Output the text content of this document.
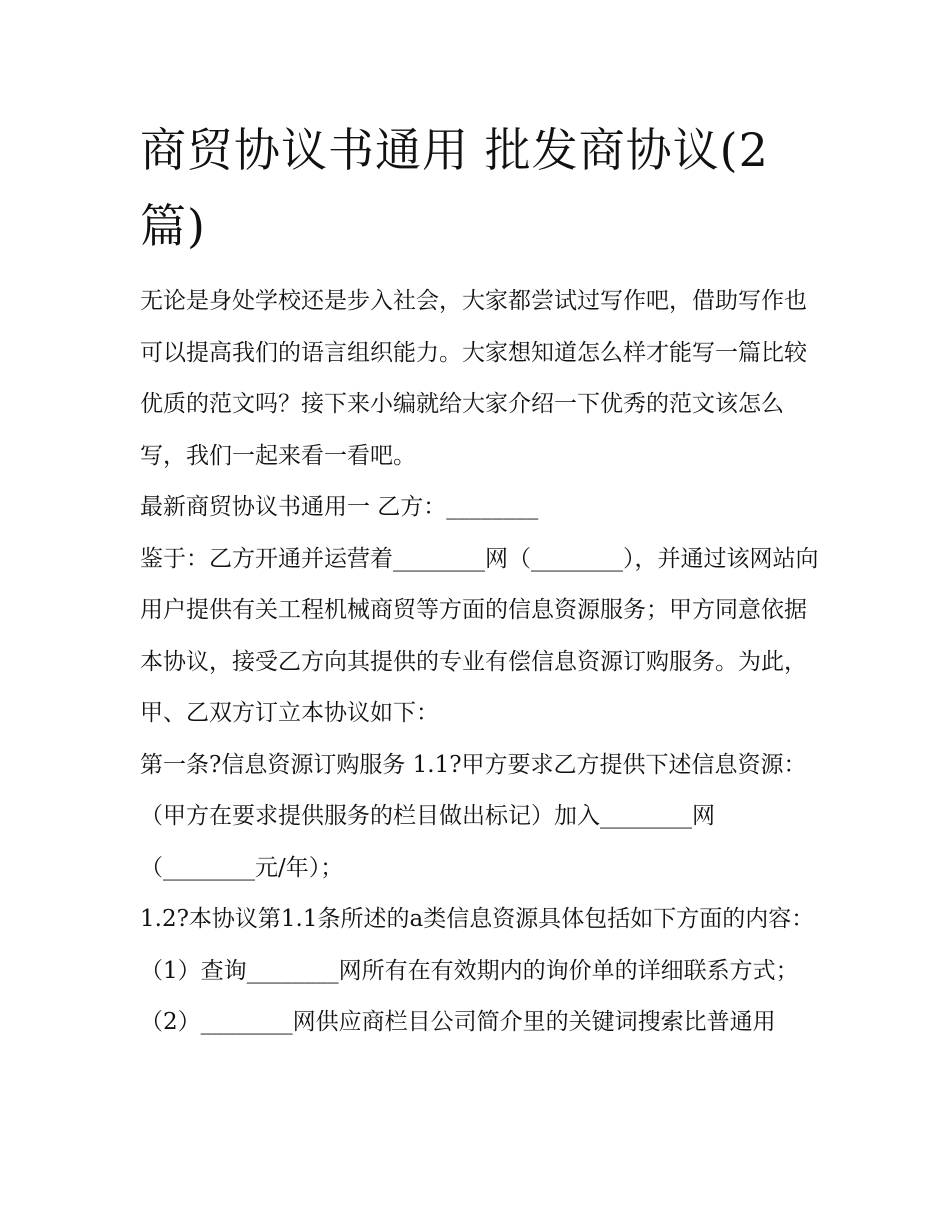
商贸协议书通用 批发商协议(2篇)

无论是身处学校还是步入社会，大家都尝试过写作吧，借助写作也可以提高我们的语言组织能力。大家想知道怎么样才能写一篇比较优质的范文吗？接下来小编就给大家介绍一下优秀的范文该怎么写，我们一起来看一看吧。

最新商贸协议书通用一 乙方：________

鉴于：乙方开通并运营着________网（________），并通过该网站向用户提供有关工程机械商贸等方面的信息资源服务；甲方同意依据本协议，接受乙方向其提供的专业有偿信息资源订购服务。为此，甲、乙双方订立本协议如下：

第一条?信息资源订购服务 1.1?甲方要求乙方提供下述信息资源：（甲方在要求提供服务的栏目做出标记）加入________网（________元/年）；

1.2?本协议第1.1条所述的a类信息资源具体包括如下方面的内容：（1）查询________网所有在有效期内的询价单的详细联系方式；

（2）________网供应商栏目公司简介里的关键词搜索比普通用
